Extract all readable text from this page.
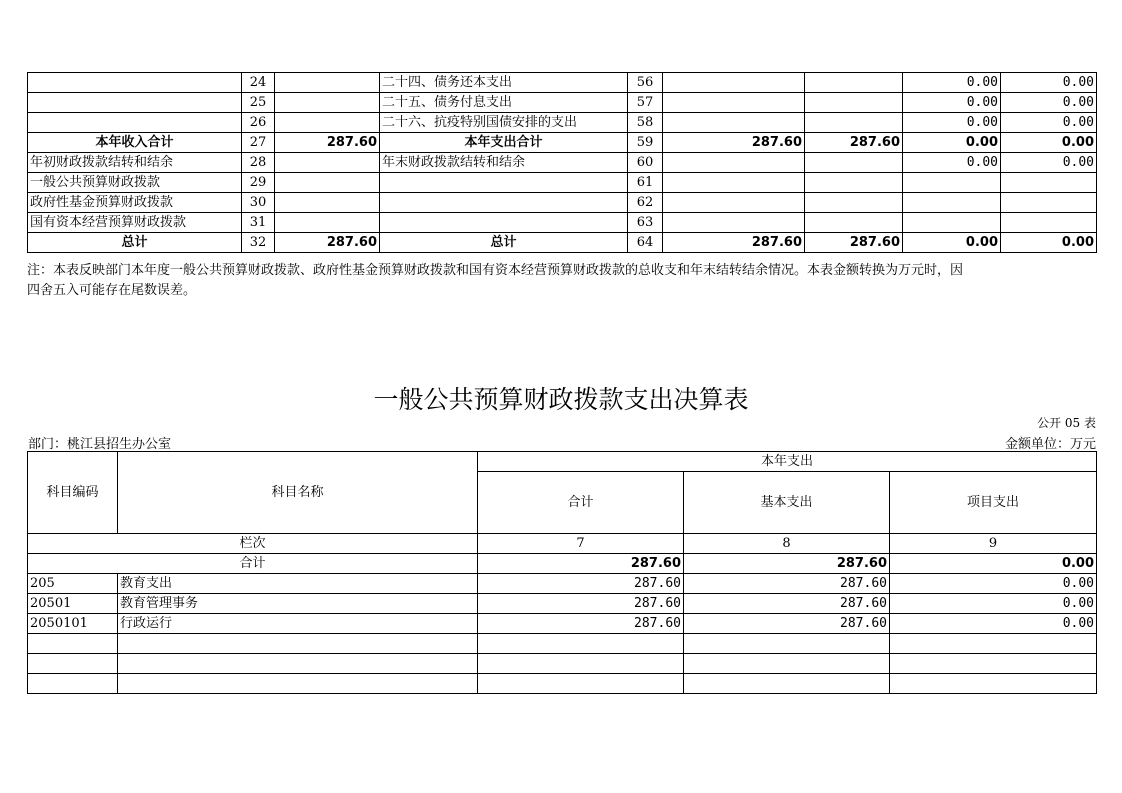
	24		二十四、债务还本支出	56			0.00	0.00
	25		二十五、债务付息支出	57			0.00	0.00
	26		二十六、抗疫特别国债安排的支出	58			0.00	0.00
本年收入合计	27	287.60	本年支出合计	59	287.60	287.60	0.00	0.00
年初财政拨款结转和结余	28		年末财政拨款结转和结余	60			0.00	0.00
一般公共预算财政拨款	29			61				
政府性基金预算财政拨款	30			62				
国有资本经营预算财政拨款	31			63				
总计	32	287.60	总计	64	287.60	287.60	0.00	0.00
注：本表反映部门本年度一般公共预算财政拨款、政府性基金预算财政拨款和国有资本经营预算财政拨款的总收支和年末结转结余情况。本表金额转换为万元时，因
四舍五入可能存在尾数误差。
一般公共预算财政拨款支出决算表
公开 05 表
部门：桃江县招生办公室	金额单位：万元
科目编码	科目名称	本年支出		
		合计	基本支出	项目支出
栏次		7	8	9
合计		287.60	287.60	0.00
205	教育支出	287.60	287.60	0.00
20501	教育管理事务	287.60	287.60	0.00
2050101	行政运行	287.60	287.60	0.00
